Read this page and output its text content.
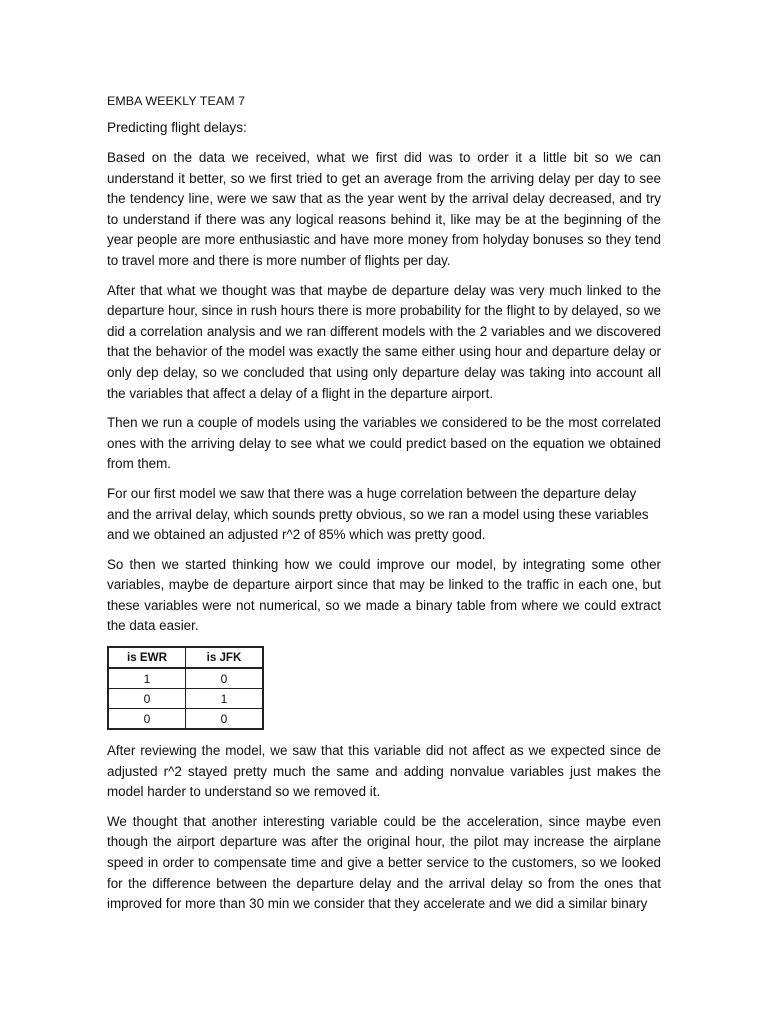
EMBA WEEKLY TEAM 7
Predicting flight delays:

Based on the data we received, what we first did was to order it a little bit so we can understand it better, so we first tried to get an average from the arriving delay per day to see the tendency line, were we saw that as the year went by the arrival delay decreased, and try to understand if there was any logical reasons behind it, like may be at the beginning of the year people are more enthusiastic and have more money from holyday bonuses so they tend to travel more and there is more number of flights per day.

After that what we thought was that maybe de departure delay was very much linked to the departure hour, since in rush hours there is more probability for the flight to by delayed, so we did a correlation analysis and we ran different models with the 2 variables and we discovered that the behavior of the model was exactly the same either using hour and departure delay or only dep delay, so we concluded that using only departure delay was taking into account all the variables that affect a delay of a flight in the departure airport.

Then we run a couple of models using the variables we considered to be the most correlated ones with the arriving delay to see what we could predict based on the equation we obtained from them.

For our first model we saw that there was a huge correlation between the departure delay and the arrival delay, which sounds pretty obvious, so we ran a model using these variables and we obtained an adjusted r^2 of 85% which was pretty good.

So then we started thinking how we could improve our model, by integrating some other variables, maybe de departure airport since that may be linked to the traffic in each one, but these variables were not numerical, so we made a binary table from where we could extract the data easier.

is EWR	is JFK
1	0
0	1
0	0

After reviewing the model, we saw that this variable did not affect as we expected since de adjusted r^2 stayed pretty much the same and adding nonvalue variables just makes the model harder to understand so we removed it.

We thought that another interesting variable could be the acceleration, since maybe even though the airport departure was after the original hour, the pilot may increase the airplane speed in order to compensate time and give a better service to the customers, so we looked for the difference between the departure delay and the arrival delay so from the ones that improved for more than 30 min we consider that they accelerate and we did a similar binary
